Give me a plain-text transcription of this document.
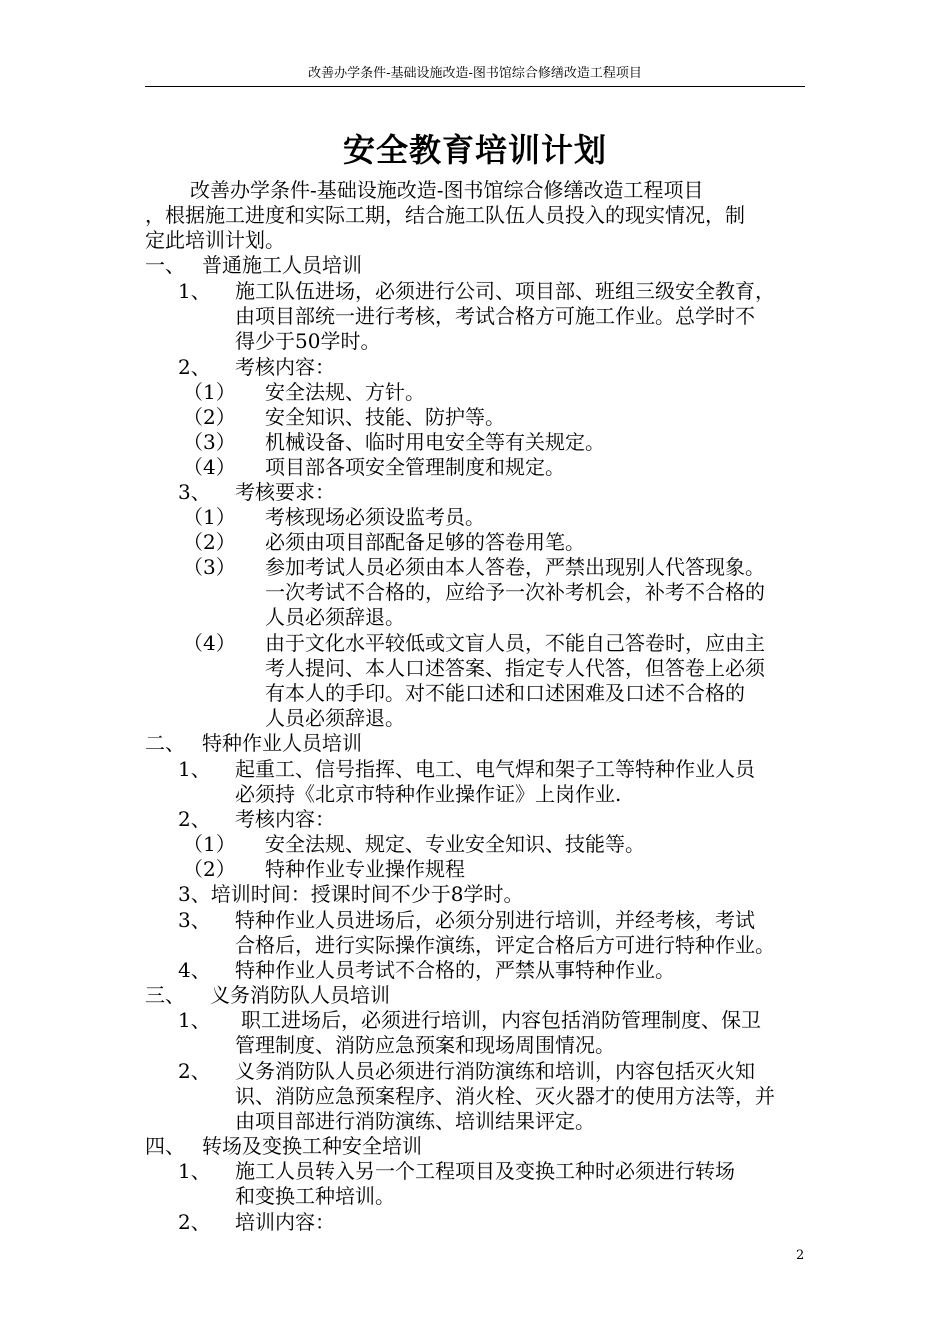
改善办学条件-基础设施改造-图书馆综合修缮改造工程项目
安全教育培训计划
改善办学条件-基础设施改造-图书馆综合修缮改造工程项目
，根据施工进度和实际工期，结合施工队伍人员投入的现实情况，制
定此培训计划。
一、 普通施工人员培训
1、 施工队伍进场，必须进行公司、项目部、班组三级安全教育，
由项目部统一进行考核，考试合格方可施工作业。总学时不
得少于50学时。
2、 考核内容：
（1） 安全法规、方针。
（2） 安全知识、技能、防护等。
（3） 机械设备、临时用电安全等有关规定。
（4） 项目部各项安全管理制度和规定。
3、 考核要求：
（1） 考核现场必须设监考员。
（2） 必须由项目部配备足够的答卷用笔。
（3） 参加考试人员必须由本人答卷，严禁出现别人代答现象。
一次考试不合格的，应给予一次补考机会，补考不合格的
人员必须辞退。
（4） 由于文化水平较低或文盲人员，不能自己答卷时，应由主
考人提问、本人口述答案、指定专人代答，但答卷上必须
有本人的手印。对不能口述和口述困难及口述不合格的
人员必须辞退。
二、 特种作业人员培训
1、 起重工、信号指挥、电工、电气焊和架子工等特种作业人员
必须持《北京市特种作业操作证》上岗作业.
2、 考核内容：
（1） 安全法规、规定、专业安全知识、技能等。
（2） 特种作业专业操作规程
3、培训时间：授课时间不少于8学时。
3、 特种作业人员进场后，必须分别进行培训，并经考核，考试
合格后，进行实际操作演练，评定合格后方可进行特种作业。
4、 特种作业人员考试不合格的，严禁从事特种作业。
三、 义务消防队人员培训
1、 职工进场后，必须进行培训，内容包括消防管理制度、保卫
管理制度、消防应急预案和现场周围情况。
2、 义务消防队人员必须进行消防演练和培训，内容包括灭火知
识、消防应急预案程序、消火栓、灭火器才的使用方法等，并
由项目部进行消防演练、培训结果评定。
四、 转场及变换工种安全培训
1、 施工人员转入另一个工程项目及变换工种时必须进行转场
和变换工种培训。
2、 培训内容：
2
